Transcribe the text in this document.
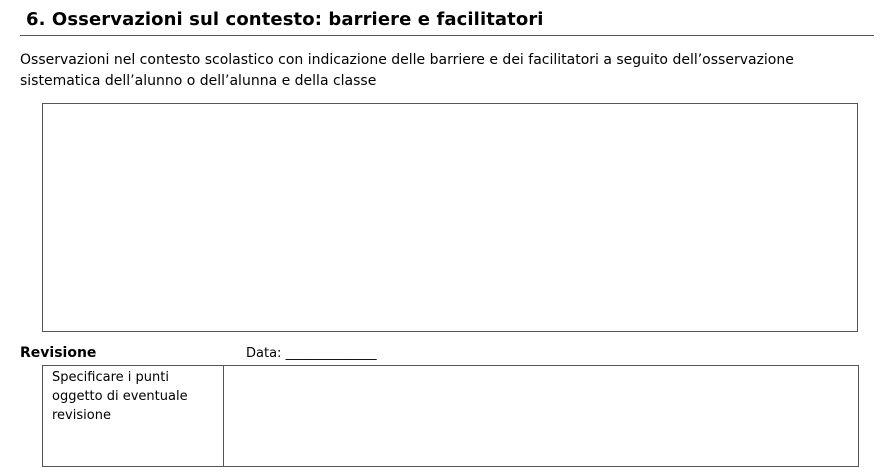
6. Osservazioni sul contesto: barriere e facilitatori

Osservazioni nel contesto scolastico con indicazione delle barriere e dei facilitatori a seguito dell’osservazione
sistematica dell’alunno o dell’alunna e della classe

Revisione	Data: ______________
Specificare i punti
oggetto di eventuale
revisione
